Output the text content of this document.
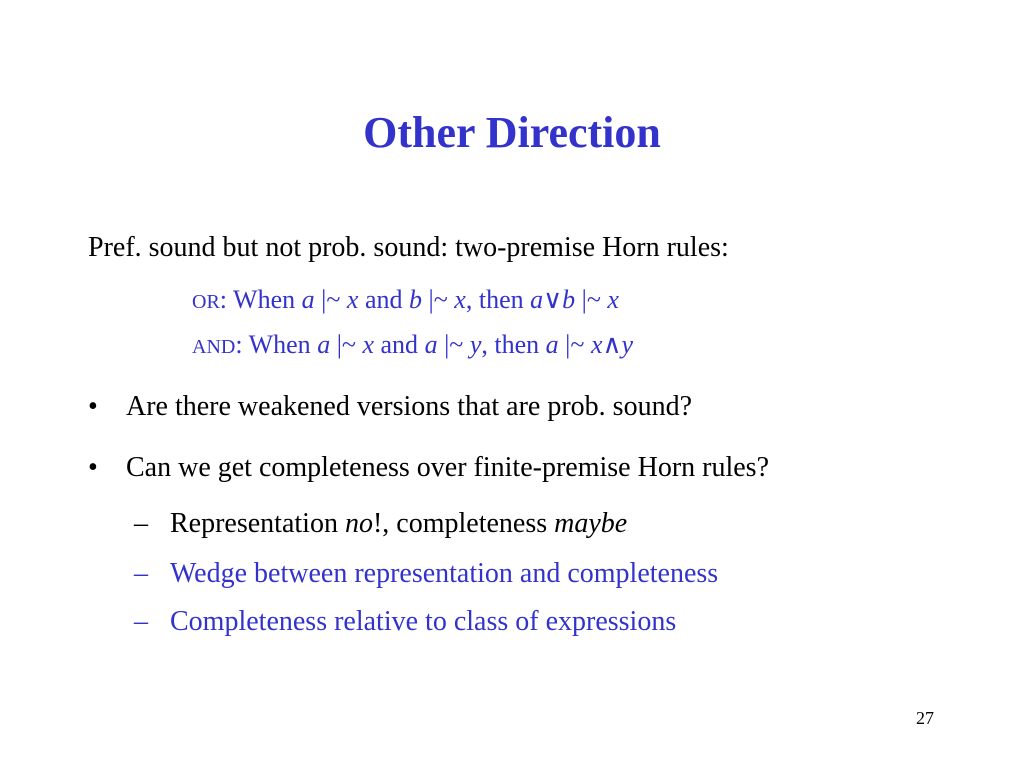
Other Direction
Pref. sound but not prob. sound: two-premise Horn rules:
OR: When a |~ x and b |~ x, then a∨b |~ x
AND: When a |~ x and a |~ y, then a |~ x∧y
• Are there weakened versions that are prob. sound?
• Can we get completeness over finite-premise Horn rules?
– Representation no!, completeness maybe
– Wedge between representation and completeness
– Completeness relative to class of expressions
27
